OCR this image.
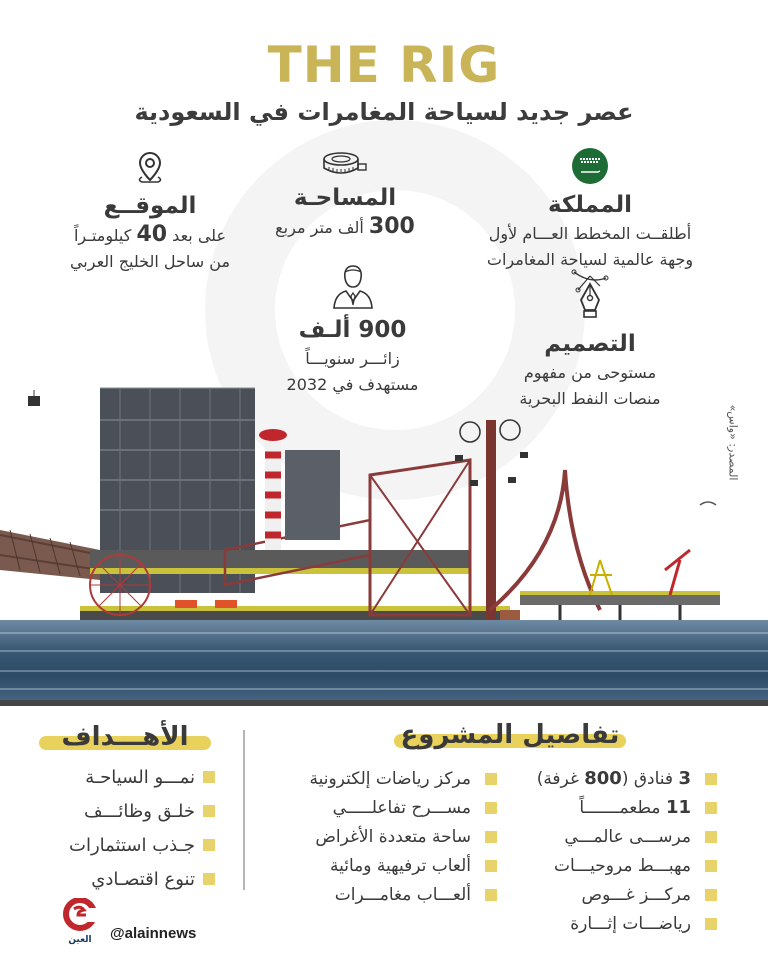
THE RIG
عصر جديد لسياحة المغامرات في السعودية
المملكة
أطلقــت المخطط العـــام لأول
وجهة عالمية لسياحة المغامرات
المساحـة
300 ألف متر مربع
الموقــع
على بعد 40 كيلومتـراً
من ساحل الخليج العربي
التصميم
مستوحى من مفهوم
منصات النفط البحرية
900 ألـف
زائـــر سنويـــاً
مستهدف في 2032
المصدر: «واس»
تفاصيل المشروع
3

فنادق (
800

غرفة)
11

مطعمـــــــاً
مرســـى عالمـــي
مهبـــط مروحيـــات
مركـــز غـــوص
رياضـــات إثـــارة
مركز رياضات إلكترونية
مســـرح تفاعلـــــي
ساحة متعددة الأغراض
ألعاب ترفيهية ومائية
ألعـــاب مغامـــرات
الأهـــداف
نمـــو السياحـة
خلـق وظائـــف
جـذب استثمارات
تنوع اقتصـادي
العين @alainnews
